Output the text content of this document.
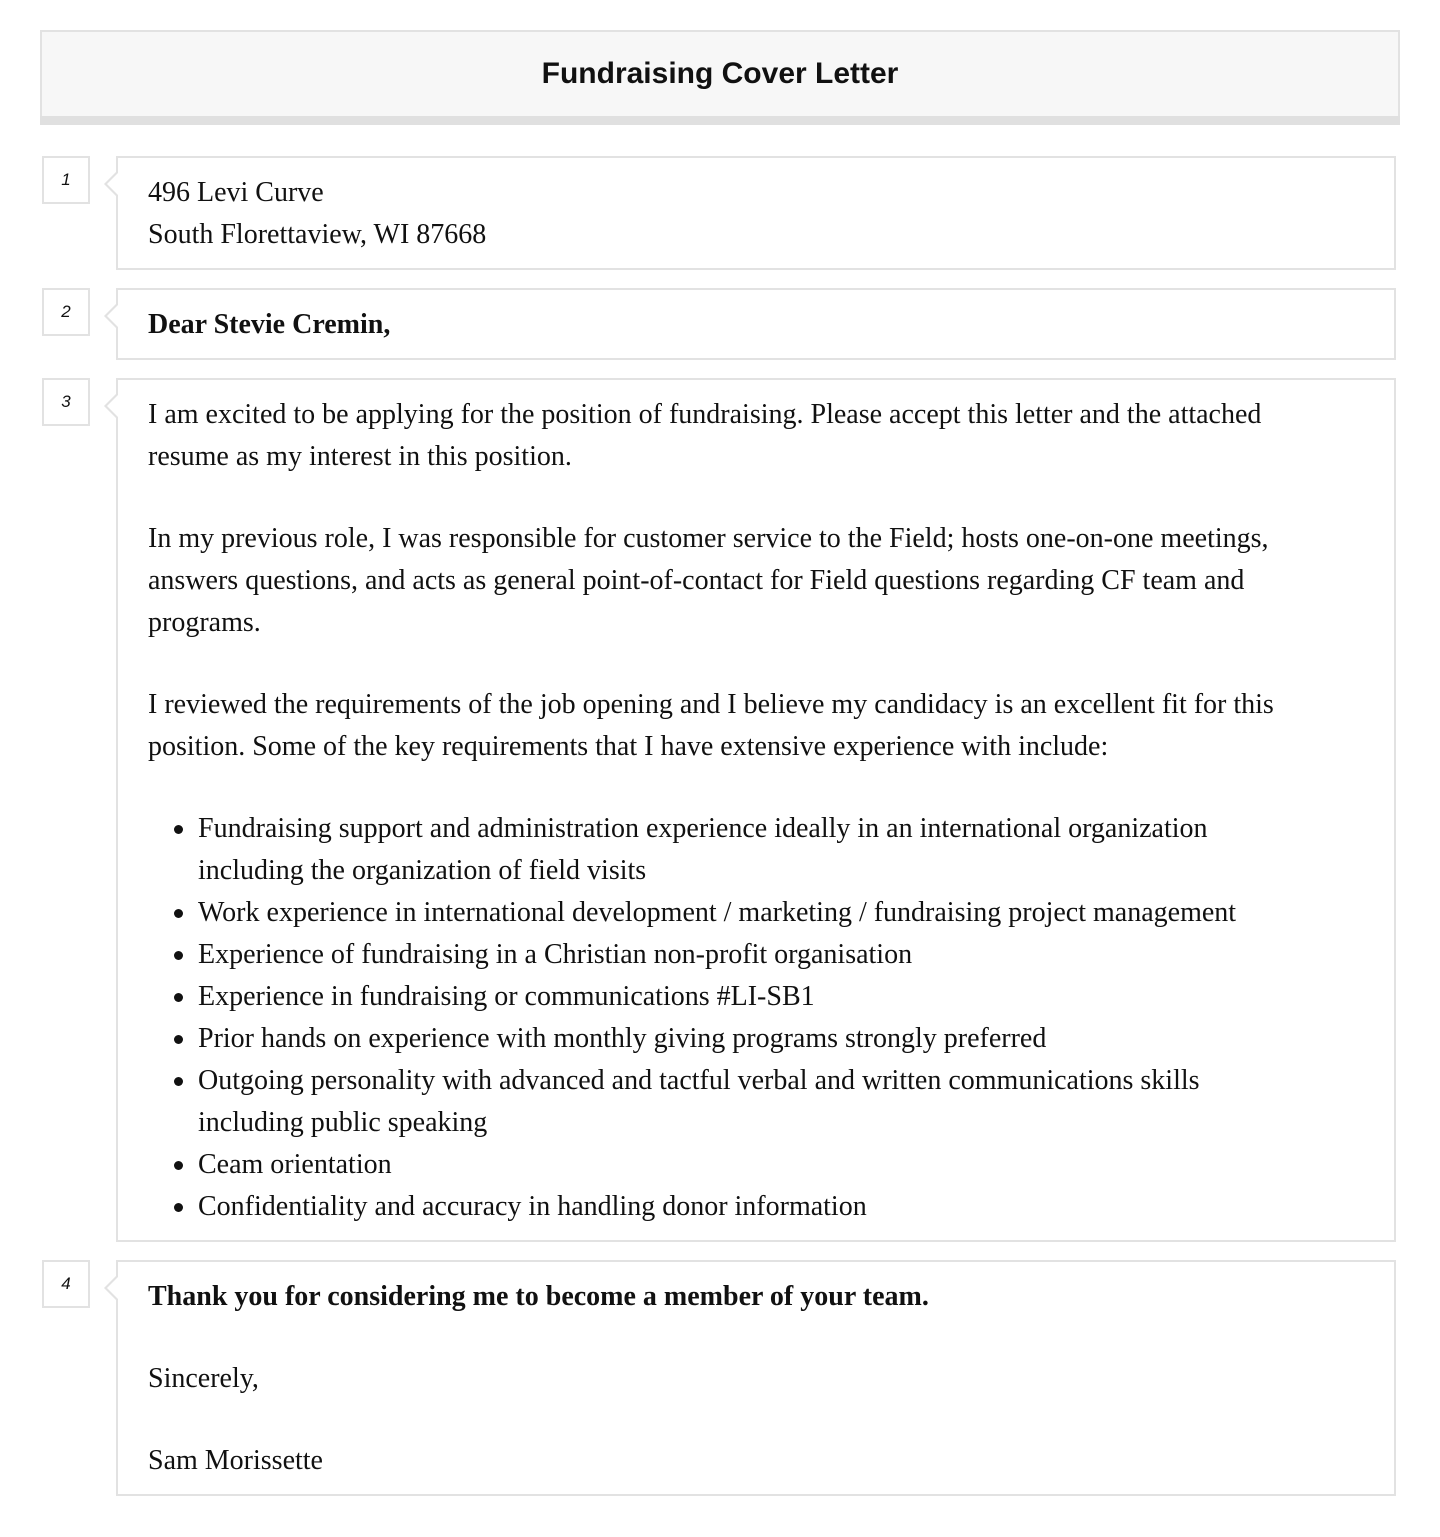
Fundraising Cover Letter
1	496 Levi Curve

South Florettaview, WI 87668

2	Dear Stevie Cremin,

3	I am excited to be applying for the position of fundraising. Please accept this letter and the attached

resume as my interest in this position.

In my previous role, I was responsible for customer service to the Field; hosts one-on-one meetings,

answers questions, and acts as general point-of-contact for Field questions regarding CF team and

programs.

I reviewed the requirements of the job opening and I believe my candidacy is an excellent fit for this

position. Some of the key requirements that I have extensive experience with include:

Fundraising support and administration experience ideally in an international organization
including the organization of field visits
Work experience in international development / marketing / fundraising project management
Experience of fundraising in a Christian non-profit organisation
Experience in fundraising or communications #LI-SB1
Prior hands on experience with monthly giving programs strongly preferred
Outgoing personality with advanced and tactful verbal and written communications skills
including public speaking
Ceam orientation
Confidentiality and accuracy in handling donor information
4	Thank you for considering me to become a member of your team.

Sincerely,

Sam Morissette
